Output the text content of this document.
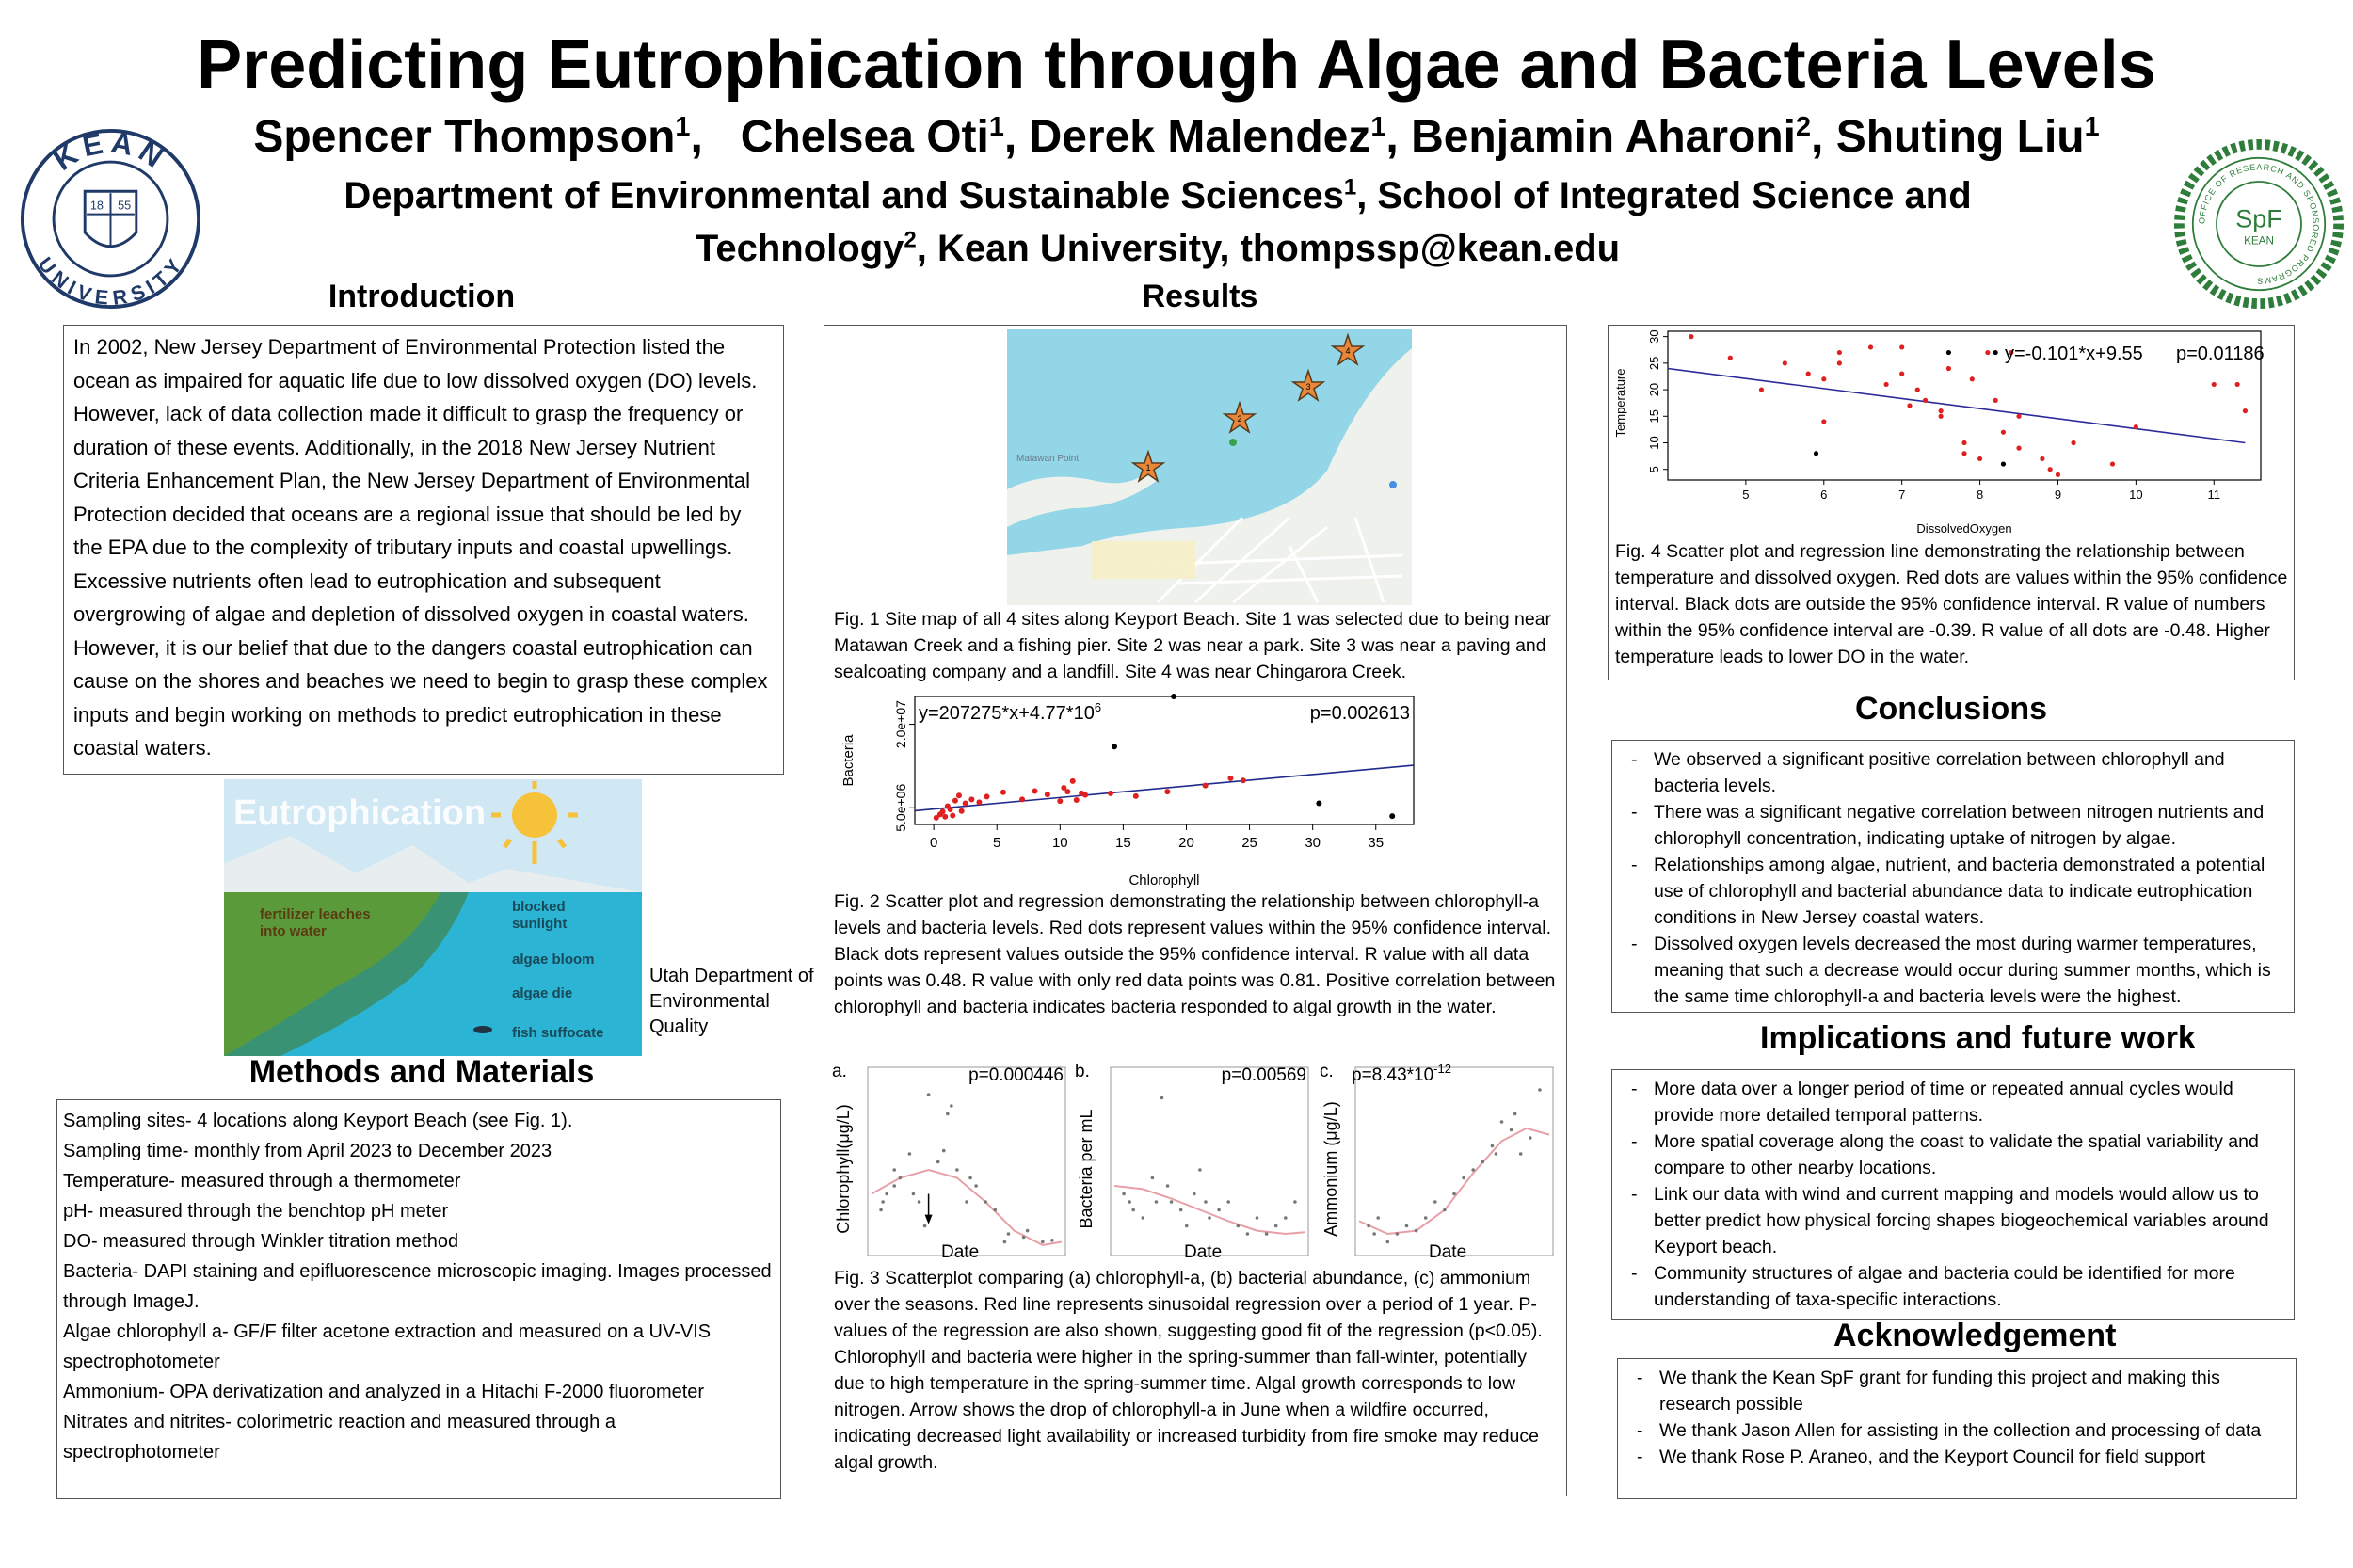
Predicting Eutrophication through Algae and Bacteria Levels
Spencer Thompson$^1$,   Chelsea Oti$^1$, Derek Malendez$^1$, Benjamin Aharoni$^2$, Shuting Liu$^1$
Department of Environmental and Sustainable Sciences$^1$, School of Integrated Science and
Technology$^2$, Kean University, thompssp@kean.edu
KEAN
UNIVERSITY
18 55
OFFICE OF RESEARCH AND SPONSORED PROGRAMS
SpF
KEAN
Introduction
In 2002, New Jersey Department of Environmental Protection listed the ocean as impaired for aquatic life due to low dissolved oxygen (DO) levels. However, lack of data collection made it difficult to grasp the frequency or duration of these events. Additionally, in the 2018 New Jersey Nutrient Criteria Enhancement Plan, the New Jersey Department of Environmental Protection decided that oceans are a regional issue that should be led by the EPA due to the complexity of tributary inputs and coastal upwellings. Excessive nutrients often lead to eutrophication and subsequent overgrowing of algae and depletion of dissolved oxygen in coastal waters. However, it is our belief that due to the dangers coastal eutrophication can cause on the shores and beaches we need to begin to grasp these complex inputs and begin working on methods to predict eutrophication in these coastal waters.
Eutrophication
fertilizer leaches
into water
blocked
sunlight
algae bloom
algae die
fish suffocate
Utah Department of Environmental Quality
Methods and Materials
Sampling sites- 4 locations along Keyport Beach (see Fig. 1).
Sampling time- monthly from April 2023 to December 2023
Temperature- measured through a thermometer
pH- measured through the benchtop pH meter
DO- measured through Winkler titration method
Bacteria- DAPI staining and epifluorescence microscopic imaging. Images processed through ImageJ.
Algae chlorophyll a- GF/F filter acetone extraction and measured on a UV-VIS spectrophotometer
Ammonium- OPA derivatization and analyzed in a Hitachi F-2000 fluorometer
Nitrates and nitrites- colorimetric reaction and measured through a spectrophotometer
Results
Matawan Point
1
2
3
4
Fig. 1 Site map of all 4 sites along Keyport Beach. Site 1 was selected due to being near Matawan Creek and a fishing pier. Site 2 was near a park. Site 3 was near a paving and sealcoating company and a landfill. Site 4 was near Chingarora Creek.
0	5	10	15	20	25	30	35
5.0e+06
2.0e+07 $y=207275*x+4.77*10^6$	p=0.002613
Chlorophyll
Bacteria
Fig. 2 Scatter plot and regression demonstrating the relationship between chlorophyll-a levels and bacteria levels. Red dots represent values within the 95% confidence interval. Black dots represent values outside the 95% confidence interval. R value with all data points was 0.48. R value with only red data points was 0.81. Positive correlation between chlorophyll and bacteria indicates bacteria responded to algal growth in the water.
a.	p=0.000446
Chlorophyll(μg/L)
Date
b.	p=0.00569
Bacteria per mL
Date
c. $p=8.43*10^{-12}$
Ammonium (μg/L)
Date
Fig. 3 Scatterplot comparing (a) chlorophyll-a, (b) bacterial abundance, (c) ammonium over the seasons. Red line represents sinusoidal regression over a period of 1 year. P-values of the regression are also shown, suggesting good fit of the regression (p<0.05). Chlorophyll and bacteria were higher in the spring-summer than fall-winter, potentially due to high temperature in the spring-summer time. Algal growth corresponds to low nitrogen. Arrow shows the drop of chlorophyll-a in June when a wildfire occurred, indicating decreased light availability or increased turbidity from fire smoke may reduce algal growth.
5	6	7	8	9	10	11
5
10
15
20
25
30
y=-0.101*x+9.55 p=0.01186
DissolvedOxygen
Temperature
Fig. 4 Scatter plot and regression line demonstrating the relationship between temperature and dissolved oxygen. Red dots are values within the 95% confidence interval. Black dots are outside the 95% confidence interval. R value of numbers within the 95% confidence interval are -0.39. R value of all dots are -0.48. Higher temperature leads to lower DO in the water.
Conclusions
- We observed a significant positive correlation between chlorophyll and bacteria levels.
- There was a significant negative correlation between nitrogen nutrients and chlorophyll concentration, indicating uptake of nitrogen by algae.
- Relationships among algae, nutrient, and bacteria demonstrated a potential use of chlorophyll and bacterial abundance data to indicate eutrophication conditions in New Jersey coastal waters.
- Dissolved oxygen levels decreased the most during warmer temperatures, meaning that such a decrease would occur during summer months, which is the same time chlorophyll-a and bacteria levels were the highest.
Implications and future work
- More data over a longer period of time or repeated annual cycles would provide more detailed temporal patterns.
- More spatial coverage along the coast to validate the spatial variability and compare to other nearby locations.
- Link our data with wind and current mapping and models would allow us to better predict how physical forcing shapes biogeochemical variables around Keyport beach.
- Community structures of algae and bacteria could be identified for more understanding of taxa-specific interactions.
Acknowledgement
- We thank the Kean SpF grant for funding this project and making this research possible
- We thank Jason Allen for assisting in the collection and processing of data
- We thank Rose P. Araneo, and the Keyport Council for field support
